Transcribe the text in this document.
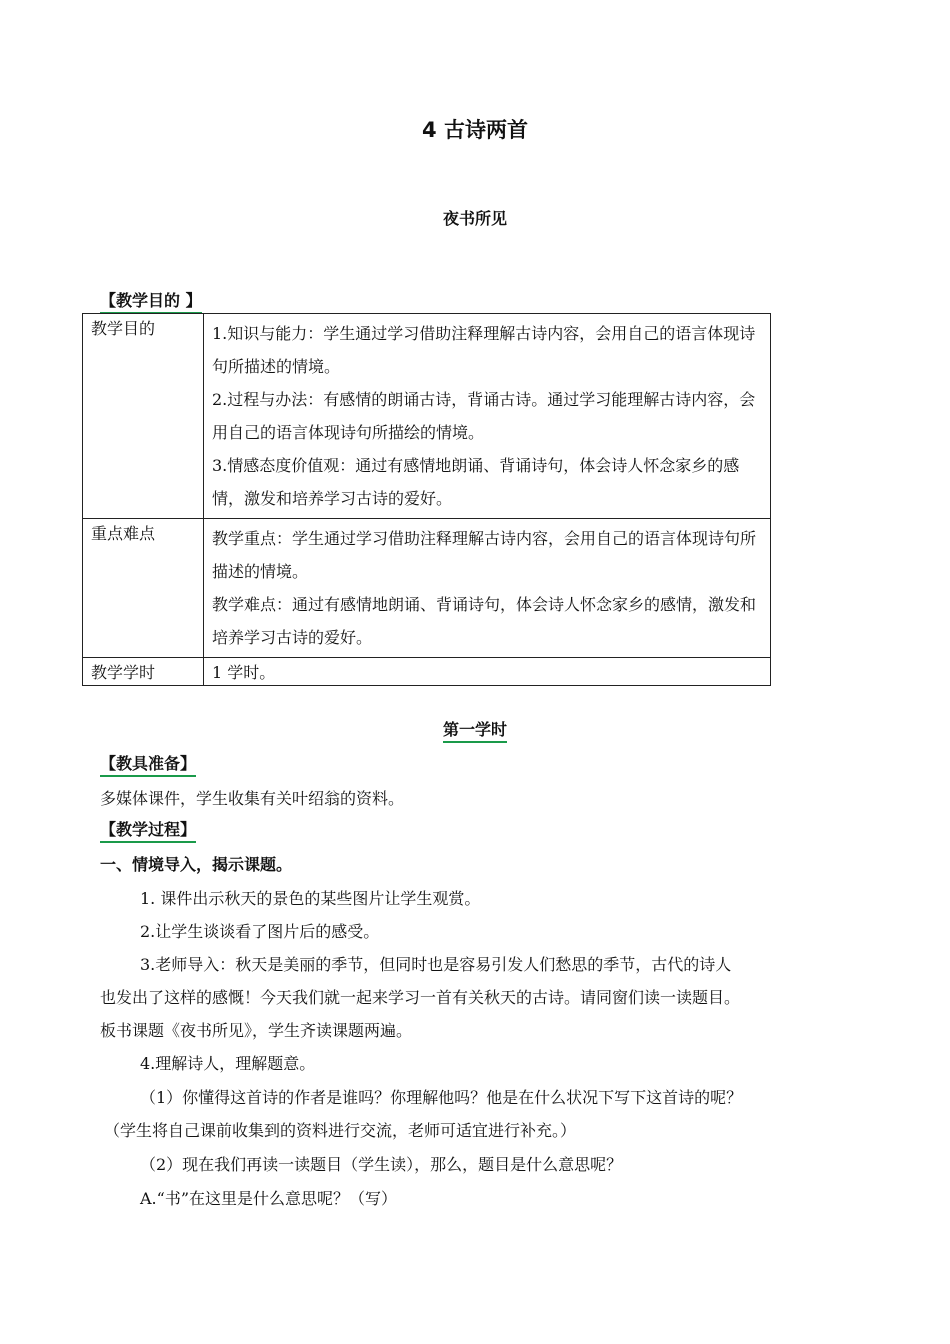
4 古诗两首
夜书所见
【教学目的 】
教学目的	1.知识与能力：学生通过学习借助注释理解古诗内容，会用自己的语言体现诗句所描述的情境。

2.过程与办法：有感情的朗诵古诗，背诵古诗。通过学习能理解古诗内容，会用自己的语言体现诗句所描绘的情境。

3.情感态度价值观：通过有感情地朗诵、背诵诗句，体会诗人怀念家乡的感情，激发和培养学习古诗的爱好。

重点难点	教学重点：学生通过学习借助注释理解古诗内容，会用自己的语言体现诗句所描述的情境。

教学难点：通过有感情地朗诵、背诵诗句，体会诗人怀念家乡的感情，激发和培养学习古诗的爱好。

教学学时	1 学时。
第一学时
【教具准备】
多媒体课件，学生收集有关叶绍翁的资料。
【教学过程】
一、情境导入，揭示课题。
1. 课件出示秋天的景色的某些图片让学生观赏。
2.让学生谈谈看了图片后的感受。
3.老师导入：秋天是美丽的季节，但同时也是容易引发人们愁思的季节，古代的诗人
也发出了这样的感慨！今天我们就一起来学习一首有关秋天的古诗。请同窗们读一读题目。
板书课题《夜书所见》，学生齐读课题两遍。
4.理解诗人，理解题意。
（1）你懂得这首诗的作者是谁吗？你理解他吗？他是在什么状况下写下这首诗的呢？
（学生将自己课前收集到的资料进行交流，老师可适宜进行补充。）
（2）现在我们再读一读题目（学生读），那么，题目是什么意思呢？
A.“书”在这里是什么意思呢？（写）
